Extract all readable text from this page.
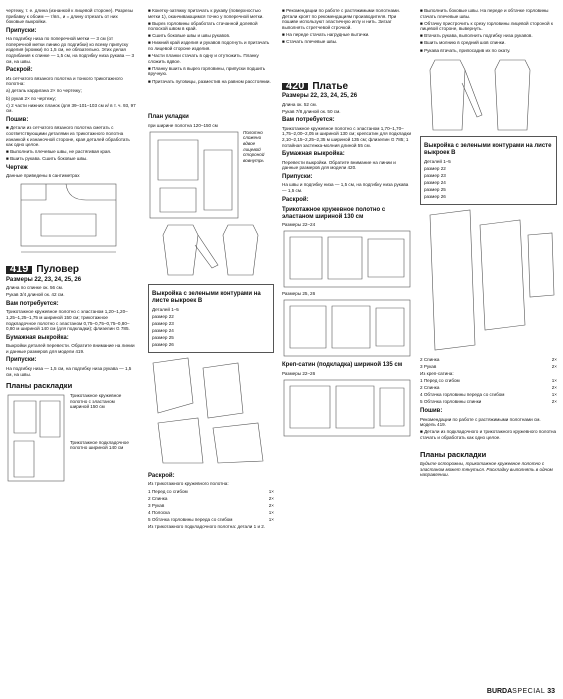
чертежу, т. е. длина (изнанкой к лицевой стороне). Разрезы прибавку к обоим — т/вп., и = длину отрезать от них боковые выкройки.

Припуски:

На подгибку низа по поперечной метки — 3 см (от поперечной метки линию до подгибки) ко всему припуску изделия (кромки) по 1,5 см, не обязательно. Этих делая подгибания к спинке — 1,5 см, на подгибку низа рукава — 3 см, на швы.

Раскрой:

Из сетчатого вязаного полотна и тонкого трикотажного полотна:

a) деталь кардигана 2× по чертежу;

b) рукав 2× по чертежу;

c) 2 части нижних планок /для 39–101–103 см и/ в т. ч. 93, 97 см.

Пошив:

■ Детали из сетчатого вязаного полотна сметать с соответствующими деталями из трикотажного полотна изнанкой к изнаночной стороне, края деталей обработать как одно целое.

■ Выполнить плечевые швы, не растягивая края.

■ Вшить рукава. Сшить боковые швы.

Чертеж

Данные приведены в сантиметрах

419 Пуловер

Размеры 22, 23, 24, 25, 26

Длина по спинке ок. 56 см.

Рукав 3/4 длиной ок. 42 см.

Вам потребуется:

Трикотажное кружевное полотно с эластаном 1,20–1,20–1,25–1,25–1,75 м шириной 150 см; трикотажное подкладочное полотно с эластаном 0,75–0,75–0,75–0,80–0,80 м шириной 140 см (для подкладки); флизелин G 785.

Бумажная выкройка:

Выкройки деталей перевести. Обратите внимание на линии и данные размеров для модели 419.

Припуски:

На подгибку низа — 1,5 см, на подгибку низа рукава — 1,5 см, на швы.

Планы раскладки

Трикотажное кружевное полотно с эластаном шириной 150 см

Трикотажное подкладочное полотно шириной 140 см

■ Кокетку-затяжку притачать к рукаву (поверхностью метки 1), оканчивающимся точно у поперечной метки.

■ Вырез горловины обработать стачанной долевой полоской швом в край.

■ Сшить боковые швы и швы рукавов.

■ Нижний край изделия и рукавов подогнуть и притачать по лицевой стороне изделия.

■ Части планки стачать в одну и отутюжить. Планку сложить вдвое.

■ Планку вшить в вырез горловины, припуски подшить вручную.

■ Притачать пуговицы, разместив на равном расстоянии.

План укладки

при ширине полотна 120–150 см

Полотно сложено вдвое лицевой стороной вовнутрь

Выкройка с зелеными контурами на листе выкроек В

Деталей 1–5

размер 22

размер 23

размер 24

размер 25

размер 26

Раскрой:

Из трикотажного кружевного полотна:

1 Перед со сгибом	1×

2 Спинка	2×

3 Рукав	2×

4 Полоска	1×

5 Обтачка горловины переда со сгибом	1×

Из трикотажного подкладочного полотна: детали 1 и 2.

■ Рекомендации по работе с растяжимыми полотнами. Детали кроят по рекомендациям производителя. При пошиве используют эластичную иглу и нить. Зигзаг выполнять стретчевой строчкой.

■ На переде стачать нагрудные вытачки.

■ Стачать плечевые швы.

420 Платье

Размеры 22, 23, 24, 25, 26

Длина ок. 52 см.

Рукав 7/8 длиной ок. 50 см.

Вам потребуется:

Трикотажное кружевное полотно с эластаном 1,70–1,70–1,75–2,00–2,05 м шириной 130 см; крепсатин для подкладки 2,10–2,15–2,25–2,35 м шириной 135 см; флизелин G 785; 1 потайная застежка-молния длиной 55 см.

Бумажная выкройка:

Перевести выкройки. Обратите внимание на линии и данные размеров для модели 420.

Припуски:

На швы и подгибку низа — 1,5 см, на подгибку низа рукава — 1,5 см.

Раскрой:

Трикотажное кружевное полотно с эластаном шириной 130 см

Размеры 22–24

Размеры 25, 26

Креп-сатин (подкладка) шириной 135 см

Размеры 22–26

■ Выполнить боковые швы. На переде и обтачке горловины стачать плечевые швы.

■ Обтачку пристрочить к срезу горловины лицевой стороной к лицевой стороне, вывернуть.

■ Втачать рукава, выполнить подгибку низа рукавов.

■ Вшить молнию в средний шов спинки.

■ Рукава втачать, припосадив их по окату.

Выкройка с зелеными контурами на листе выкроек В

Деталей 1–5

размер 22

размер 23

размер 24

размер 25

размер 26

2 Спинка	2×

3 Рукав	2×

Из креп-сатина:

1 Перед со сгибом	1×

2 Спинка	2×

4 Обтачка горловины переда со сгибом	1×

5 Обтачка горловины спинки	2×

Пошив:

Рекомендации по работе с растяжимыми полотнами см. модель 419.

■ Детали из подкладочного и трикотажного кружевного полотна стачать и обработать как одно целое.

Планы раскладки

Будьте осторожны, трикотажное кружевное полотно с эластаном может тянуться. Раскладку выполнять в одном направлении.

BURDASPECIAL 33
